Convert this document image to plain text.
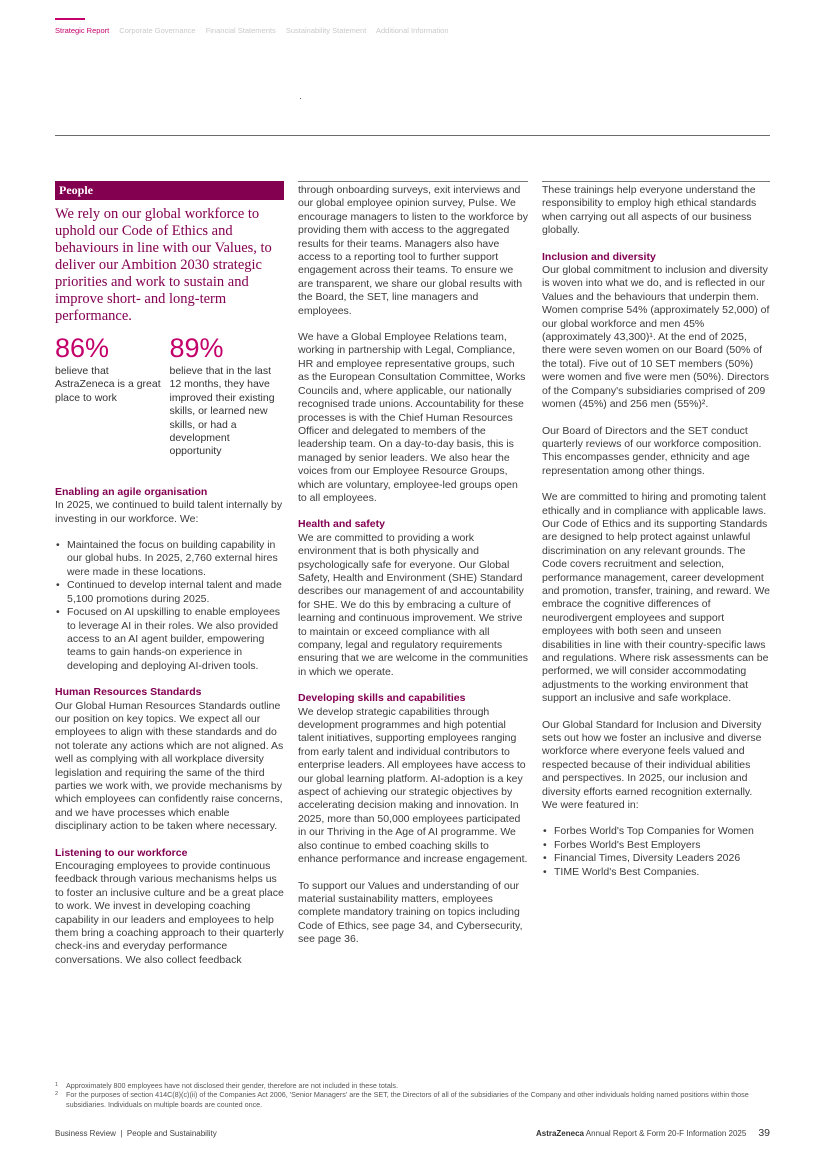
Strategic Report Corporate Governance Financial Statements Sustainability Statement Additional Information
People
We rely on our global workforce to uphold our Code of Ethics and behaviours in line with our Values, to deliver our Ambition 2030 strategic priorities and work to sustain and improve short- and long-term performance.
86%
believe that AstraZeneca is a great place to work
89%
believe that in the last 12 months, they have improved their existing skills, or learned new skills, or had a development opportunity
Enabling an agile organisation

In 2025, we continued to build talent internally by investing in our workforce. We:

• Maintained the focus on building capability in our global hubs. In 2025, 2,760 external hires were made in these locations.
• Continued to develop internal talent and made 5,100 promotions during 2025.
• Focused on AI upskilling to enable employees to leverage AI in their roles. We also provided access to an AI agent builder, empowering teams to gain hands-on experience in developing and deploying AI-driven tools.
Human Resources Standards

Our Global Human Resources Standards outline our position on key topics. We expect all our employees to align with these standards and do not tolerate any actions which are not aligned. As well as complying with all workplace diversity legislation and requiring the same of the third parties we work with, we provide mechanisms by which employees can confidently raise concerns, and we have processes which enable disciplinary action to be taken where necessary.

Listening to our workforce

Encouraging employees to provide continuous feedback through various mechanisms helps us to foster an inclusive culture and be a great place to work. We invest in developing coaching capability in our leaders and employees to help them bring a coaching approach to their quarterly check-ins and everyday performance conversations. We also collect feedback

through onboarding surveys, exit interviews and our global employee opinion survey, Pulse. We encourage managers to listen to the workforce by providing them with access to the aggregated results for their teams. Managers also have access to a reporting tool to further support engagement across their teams. To ensure we are transparent, we share our global results with the Board, the SET, line managers and employees.

We have a Global Employee Relations team, working in partnership with Legal, Compliance, HR and employee representative groups, such as the European Consultation Committee, Works Councils and, where applicable, our nationally recognised trade unions. Accountability for these processes is with the Chief Human Resources Officer and delegated to members of the leadership team. On a day-to-day basis, this is managed by senior leaders. We also hear the voices from our Employee Resource Groups, which are voluntary, employee-led groups open to all employees.

Health and safety

We are committed to providing a work environment that is both physically and psychologically safe for everyone. Our Global Safety, Health and Environment (SHE) Standard describes our management of and accountability for SHE. We do this by embracing a culture of learning and continuous improvement. We strive to maintain or exceed compliance with all company, legal and regulatory requirements ensuring that we are welcome in the communities in which we operate.

Developing skills and capabilities

We develop strategic capabilities through development programmes and high potential talent initiatives, supporting employees ranging from early talent and individual contributors to enterprise leaders. All employees have access to our global learning platform. AI-adoption is a key aspect of achieving our strategic objectives by accelerating decision making and innovation. In 2025, more than 50,000 employees participated in our Thriving in the Age of AI programme. We also continue to embed coaching skills to enhance performance and increase engagement.

To support our Values and understanding of our material sustainability matters, employees complete mandatory training on topics including Code of Ethics, see page 34, and Cybersecurity, see page 36.

These trainings help everyone understand the responsibility to employ high ethical standards when carrying out all aspects of our business globally.

Inclusion and diversity

Our global commitment to inclusion and diversity is woven into what we do, and is reflected in our Values and the behaviours that underpin them. Women comprise 54% (approximately 52,000) of our global workforce and men 45% (approximately 43,300)¹. At the end of 2025, there were seven women on our Board (50% of the total). Five out of 10 SET members (50%) were women and five were men (50%). Directors of the Company's subsidiaries comprised of 209 women (45%) and 256 men (55%)².

Our Board of Directors and the SET conduct quarterly reviews of our workforce composition. This encompasses gender, ethnicity and age representation among other things.

We are committed to hiring and promoting talent ethically and in compliance with applicable laws. Our Code of Ethics and its supporting Standards are designed to help protect against unlawful discrimination on any relevant grounds. The Code covers recruitment and selection, performance management, career development and promotion, transfer, training, and reward. We embrace the cognitive differences of neurodivergent employees and support employees with both seen and unseen disabilities in line with their country-specific laws and regulations. Where risk assessments can be performed, we will consider accommodating adjustments to the working environment that support an inclusive and safe workplace.

Our Global Standard for Inclusion and Diversity sets out how we foster an inclusive and diverse workforce where everyone feels valued and respected because of their individual abilities and perspectives. In 2025, our inclusion and diversity efforts earned recognition externally. We were featured in:

• Forbes World's Top Companies for Women
• Forbes World's Best Employers
• Financial Times, Diversity Leaders 2026
• TIME World's Best Companies.
1	Approximately 800 employees have not disclosed their gender, therefore are not included in these totals.
2	For the purposes of section 414C(8)(c)(ii) of the Companies Act 2006, 'Senior Managers' are the SET, the Directors of all of the subsidiaries of the Company and other individuals holding named positions within those subsidiaries. Individuals on multiple boards are counted once.
Business Review  |  People and Sustainability	AstraZeneca Annual Report & Form 20-F Information 2025 39
